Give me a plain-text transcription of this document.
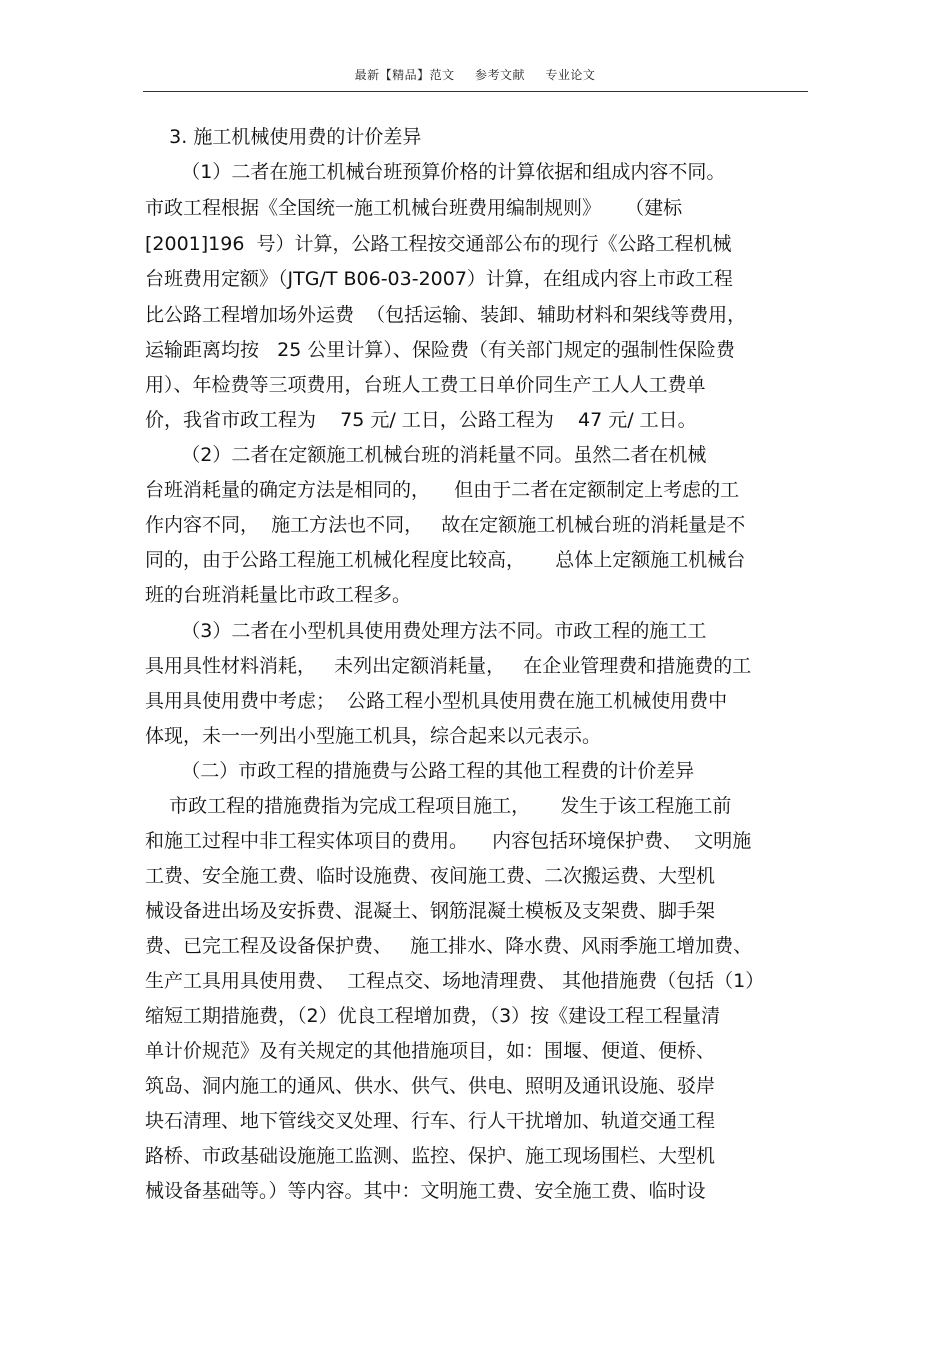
最新【精品】范文 参考文献 专业论文
3. 施工机械使用费的计价差异
（1）二者在施工机械台班预算价格的计算依据和组成内容不同。
市政工程根据《全国统一施工机械台班费用编制规则》    （建标
[2001]196  号）计算，公路工程按交通部公布的现行《公路工程机械
台班费用定额》（JTG/T B06-03-2007）计算，在组成内容上市政工程
比公路工程增加场外运费  （包括运输、装卸、辅助材料和架线等费用，
运输距离均按   25 公里计算）、保险费（有关部门规定的强制性保险费
用）、年检费等三项费用，台班人工费工日单价同生产工人人工费单
价，我省市政工程为    75 元/ 工日，公路工程为    47 元/ 工日。
（2）二者在定额施工机械台班的消耗量不同。虽然二者在机械
台班消耗量的确定方法是相同的，    但由于二者在定额制定上考虑的工
作内容不同，  施工方法也不同，   故在定额施工机械台班的消耗量是不
同的，由于公路工程施工机械化程度比较高，     总体上定额施工机械台
班的台班消耗量比市政工程多。
（3）二者在小型机具使用费处理方法不同。市政工程的施工工
具用具性材料消耗，   未列出定额消耗量，   在企业管理费和措施费的工
具用具使用费中考虑；  公路工程小型机具使用费在施工机械使用费中
体现，未一一列出小型施工机具，综合起来以元表示。
（二）市政工程的措施费与公路工程的其他工程费的计价差异
市政工程的措施费指为完成工程项目施工，     发生于该工程施工前
和施工过程中非工程实体项目的费用。    内容包括环境保护费、  文明施
工费、安全施工费、临时设施费、夜间施工费、二次搬运费、大型机
械设备进出场及安拆费、混凝土、钢筋混凝土模板及支架费、脚手架
费、已完工程及设备保护费、   施工排水、降水费、风雨季施工增加费、
生产工具用具使用费、  工程点交、场地清理费、 其他措施费（包括（1）
缩短工期措施费，（2）优良工程增加费，（3）按《建设工程工程量清
单计价规范》及有关规定的其他措施项目，如：围堰、便道、便桥、
筑岛、洞内施工的通风、供水、供气、供电、照明及通讯设施、驳岸
块石清理、地下管线交叉处理、行车、行人干扰增加、轨道交通工程
路桥、市政基础设施施工监测、监控、保护、施工现场围栏、大型机
械设备基础等。）等内容。其中：文明施工费、安全施工费、临时设
